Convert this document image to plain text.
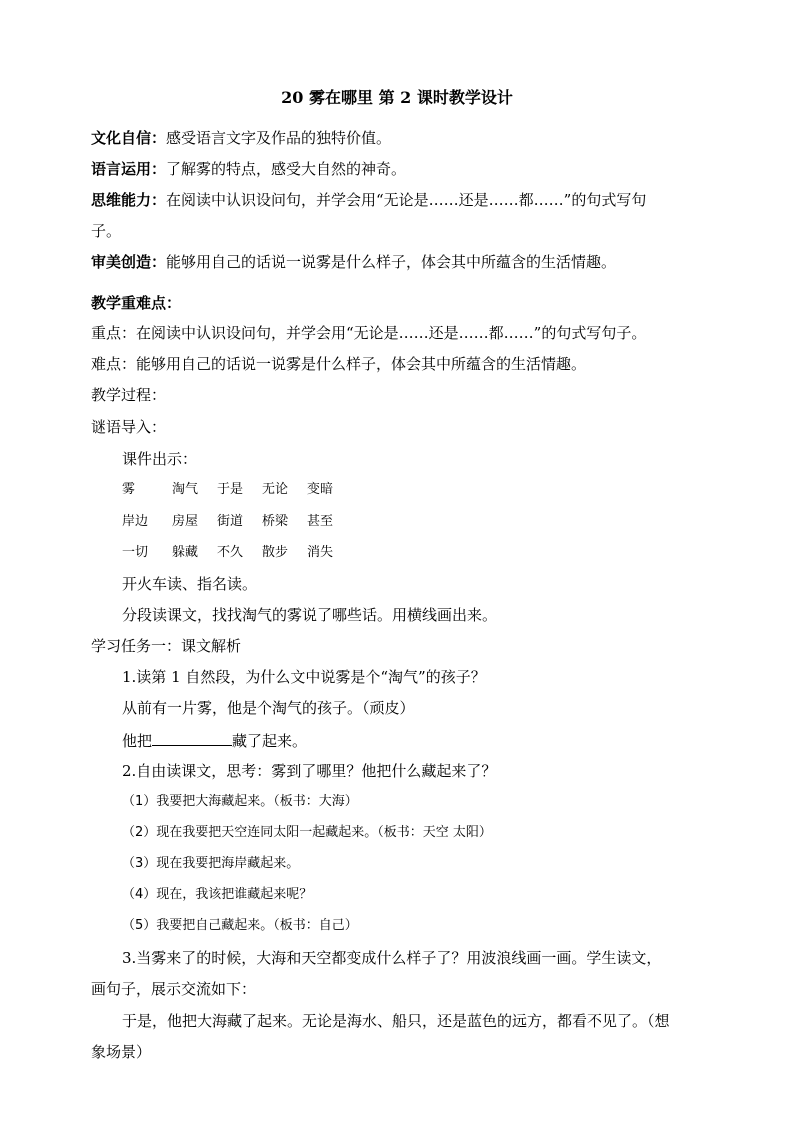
20 雾在哪里 第 2 课时教学设计
文化自信：感受语言文字及作品的独特价值。
语言运用：了解雾的特点，感受大自然的神奇。
思维能力：在阅读中认识设问句，并学会用“无论是……还是……都……”的句式写句
子。
审美创造：能够用自己的话说一说雾是什么样子，体会其中所蕴含的生活情趣。
教学重难点：
重点：在阅读中认识设问句，并学会用“无论是……还是……都……”的句式写句子。
难点：能够用自己的话说一说雾是什么样子，体会其中所蕴含的生活情趣。
教学过程：
谜语导入：
课件出示：
雾	淘气 于是 无论 变暗
岸边 房屋 街道 桥梁 甚至
一切 躲藏 不久 散步 消失
开火车读、指名读。
分段读课文，找找淘气的雾说了哪些话。用横线画出来。
学习任务一：课文解析
1.读第 1 自然段，为什么文中说雾是个“淘气”的孩子？
从前有一片雾，他是个淘气的孩子。（顽皮）
他把	藏了起来。
2.自由读课文，思考：雾到了哪里？他把什么藏起来了？
（1）我要把大海藏起来。（板书：大海）
（2）现在我要把天空连同太阳一起藏起来。（板书：天空 太阳）
（3）现在我要把海岸藏起来。
（4）现在，我该把谁藏起来呢？
（5）我要把自己藏起来。（板书：自己）
3.当雾来了的时候，大海和天空都变成什么样子了？用波浪线画一画。学生读文，
画句子，展示交流如下：
于是，他把大海藏了起来。无论是海水、船只，还是蓝色的远方，都看不见了。（想
象场景）
